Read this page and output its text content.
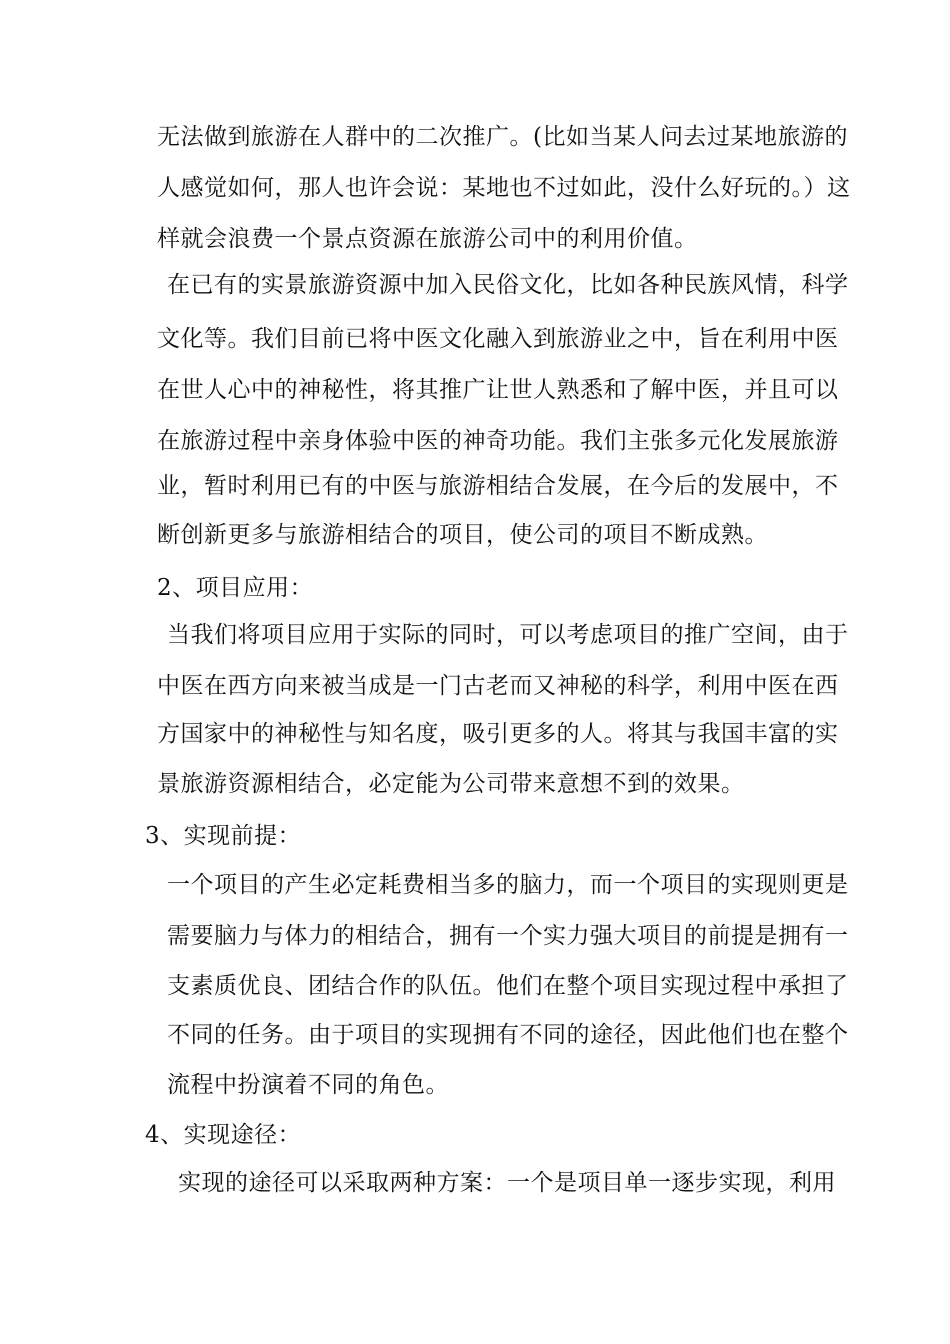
无法做到旅游在人群中的二次推广。(比如当某人问去过某地旅游的
人感觉如何，那人也许会说：某地也不过如此，没什么好玩的。）这
样就会浪费一个景点资源在旅游公司中的利用价值。
在已有的实景旅游资源中加入民俗文化，比如各种民族风情，科学
文化等。我们目前已将中医文化融入到旅游业之中，旨在利用中医
在世人心中的神秘性，将其推广让世人熟悉和了解中医，并且可以
在旅游过程中亲身体验中医的神奇功能。我们主张多元化发展旅游
业，暂时利用已有的中医与旅游相结合发展，在今后的发展中，不
断创新更多与旅游相结合的项目，使公司的项目不断成熟。
2、项目应用：
当我们将项目应用于实际的同时，可以考虑项目的推广空间，由于
中医在西方向来被当成是一门古老而又神秘的科学，利用中医在西
方国家中的神秘性与知名度，吸引更多的人。将其与我国丰富的实
景旅游资源相结合，必定能为公司带来意想不到的效果。
3、实现前提：
一个项目的产生必定耗费相当多的脑力，而一个项目的实现则更是
需要脑力与体力的相结合，拥有一个实力强大项目的前提是拥有一
支素质优良、团结合作的队伍。他们在整个项目实现过程中承担了
不同的任务。由于项目的实现拥有不同的途径，因此他们也在整个
流程中扮演着不同的角色。
4、实现途径：
实现的途径可以采取两种方案：一个是项目单一逐步实现，利用
